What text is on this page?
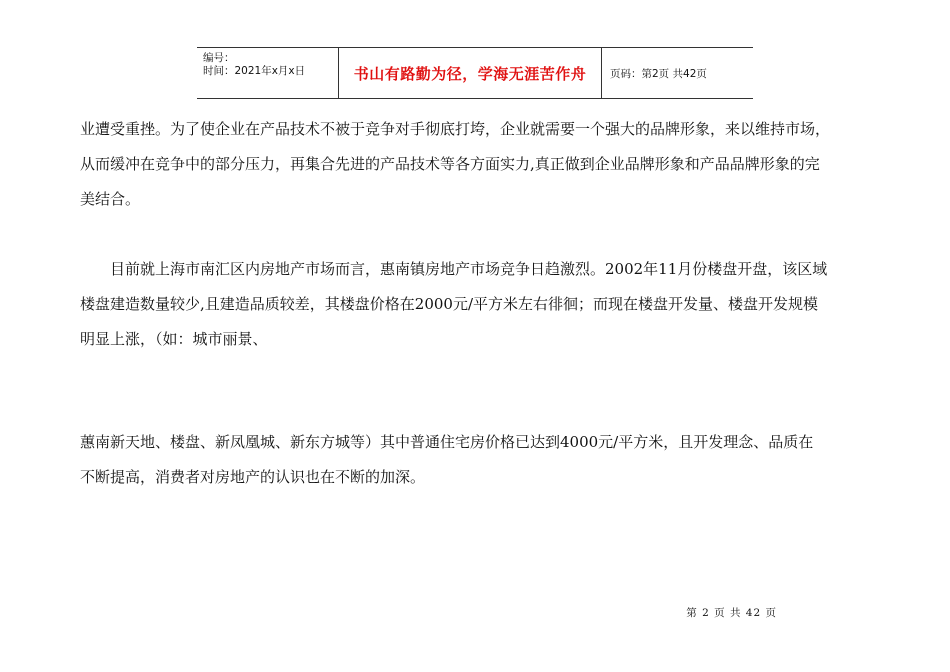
编号：
时间：2021年x月x日	书山有路勤为径，学海无涯苦作舟	页码：第2页 共42页

业遭受重挫。为了使企业在产品技术不被于竞争对手彻底打垮，企业就需要一个强大的品牌形象，来以维持市场，
从而缓冲在竞争中的部分压力，再集合先进的产品技术等各方面实力,真正做到企业品牌形象和产品品牌形象的完
美结合。

目前就上海市南汇区内房地产市场而言，惠南镇房地产市场竞争日趋激烈。2002年11月份楼盘开盘，该区域
楼盘建造数量较少,且建造品质较差，其楼盘价格在2000元/平方米左右徘徊；而现在楼盘开发量、楼盘开发规模
明显上涨，（如：城市丽景、

蕙南新天地、楼盘、新凤凰城、新东方城等）其中普通住宅房价格已达到4000元/平方米，且开发理念、品质在
不断提高，消费者对房地产的认识也在不断的加深。

第 2 页 共 42 页
